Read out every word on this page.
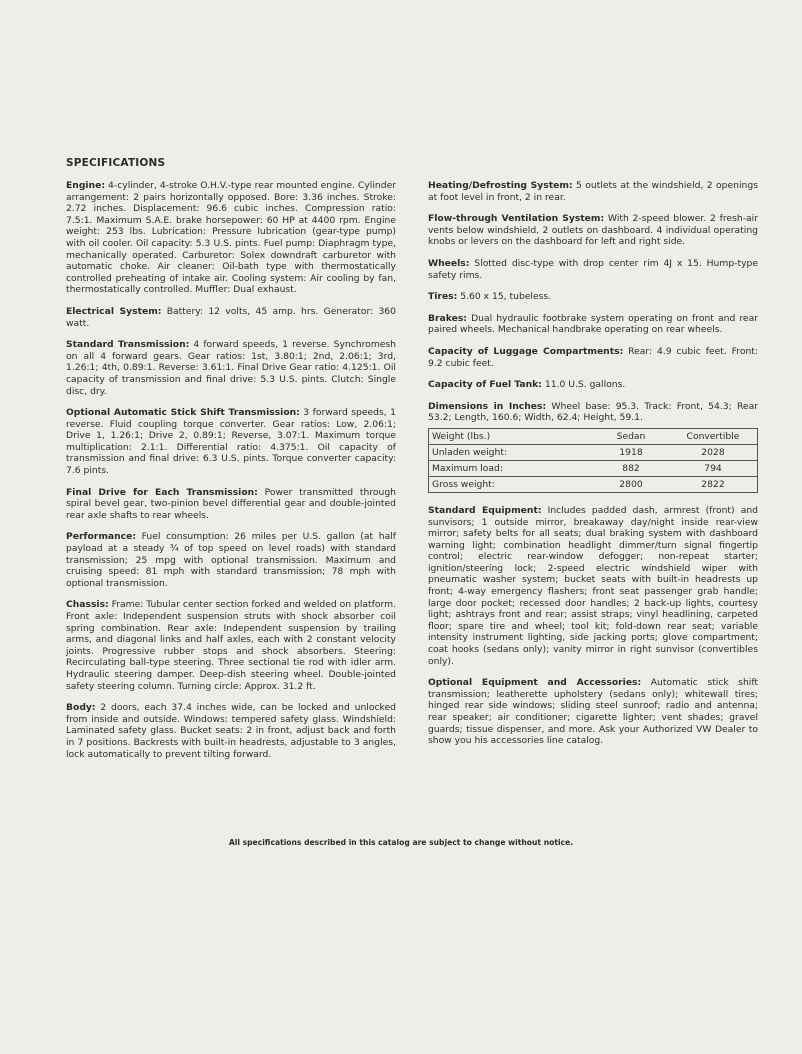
SPECIFICATIONS

Engine: 4-cylinder, 4-stroke O.H.V.-type rear mounted engine. Cylinder arrangement: 2 pairs horizontally opposed. Bore: 3.36 inches. Stroke: 2.72 inches. Displacement: 96.6 cubic inches. Compression ratio: 7.5:1. Maximum S.A.E. brake horsepower: 60 HP at 4400 rpm. Engine weight: 253 lbs. Lubrication: Pressure lubrication (gear-type pump) with oil cooler. Oil capacity: 5.3 U.S. pints. Fuel pump: Diaphragm type, mechanically operated. Carburetor: Solex downdraft carburetor with automatic choke. Air cleaner: Oil-bath type with thermostatically controlled preheating of intake air. Cooling system: Air cooling by fan, thermostatically controlled. Muffler: Dual exhaust.

Electrical System: Battery: 12 volts, 45 amp. hrs. Generator: 360 watt.

Standard Transmission: 4 forward speeds, 1 reverse. Synchromesh on all 4 forward gears. Gear ratios: 1st, 3.80:1; 2nd, 2.06:1; 3rd, 1.26:1; 4th, 0.89:1. Reverse: 3.61:1. Final Drive Gear ratio: 4.125:1. Oil capacity of transmission and final drive: 5.3 U.S. pints. Clutch: Single disc, dry.

Optional Automatic Stick Shift Transmission: 3 forward speeds, 1 reverse. Fluid coupling torque converter. Gear ratios: Low, 2.06:1; Drive 1, 1.26:1; Drive 2, 0.89:1; Reverse, 3.07:1. Maximum torque multiplication: 2.1:1. Differential ratio: 4.375:1. Oil capacity of transmission and final drive: 6.3 U.S. pints. Torque converter capacity: 7.6 pints.

Final Drive for Each Transmission: Power transmitted through spiral bevel gear, two-pinion bevel differential gear and double-jointed rear axle shafts to rear wheels.

Performance: Fuel consumption: 26 miles per U.S. gallon (at half payload at a steady ¾ of top speed on level roads) with standard transmission; 25 mpg with optional transmission. Maximum and cruising speed: 81 mph with standard transmission; 78 mph with optional transmission.

Chassis: Frame: Tubular center section forked and welded on platform. Front axle: Independent suspension struts with shock absorber coil spring combination. Rear axle: Independent suspension by trailing arms, and diagonal links and half axles, each with 2 constant velocity joints. Progressive rubber stops and shock absorbers. Steering: Recirculating ball-type steering. Three sectional tie rod with idler arm. Hydraulic steering damper. Deep-dish steering wheel. Double-jointed safety steering column. Turning circle: Approx. 31.2 ft.

Body: 2 doors, each 37.4 inches wide, can be locked and unlocked from inside and outside. Windows: tempered safety glass. Windshield: Laminated safety glass. Bucket seats: 2 in front, adjust back and forth in 7 positions. Backrests with built-in headrests, adjustable to 3 angles, lock automatically to prevent tilting forward.

Heating/Defrosting System: 5 outlets at the windshield, 2 openings at foot level in front, 2 in rear.

Flow-through Ventilation System: With 2-speed blower. 2 fresh-air vents below windshield, 2 outlets on dashboard. 4 individual operating knobs or levers on the dashboard for left and right side.

Wheels: Slotted disc-type with drop center rim 4J x 15. Hump-type safety rims.

Tires: 5.60 x 15, tubeless.

Brakes: Dual hydraulic footbrake system operating on front and rear paired wheels. Mechanical handbrake operating on rear wheels.

Capacity of Luggage Compartments: Rear: 4.9 cubic feet. Front: 9.2 cubic feet.

Capacity of Fuel Tank: 11.0 U.S. gallons.

Dimensions in Inches: Wheel base: 95.3. Track: Front, 54.3; Rear 53.2; Length, 160.6; Width, 62.4; Height, 59.1.

Weight (lbs.)	Sedan	Convertible
Unladen weight:	1918	2028
Maximum load:	882	794
Gross weight:	2800	2822

Standard Equipment: Includes padded dash, armrest (front) and sunvisors; 1 outside mirror, breakaway day/night inside rear-view mirror; safety belts for all seats; dual braking system with dashboard warning light; combination headlight dimmer/turn signal fingertip control; electric rear-window defogger; non-repeat starter; ignition/steering lock; 2-speed electric windshield wiper with pneumatic washer system; bucket seats with built-in headrests up front; 4-way emergency flashers; front seat passenger grab handle; large door pocket; recessed door handles; 2 back-up lights, courtesy light; ashtrays front and rear; assist straps; vinyl headlining, carpeted floor; spare tire and wheel; tool kit; fold-down rear seat; variable intensity instrument lighting, side jacking ports; glove compartment; coat hooks (sedans only); vanity mirror in right sunvisor (convertibles only).

Optional Equipment and Accessories: Automatic stick shift transmission; leatherette upholstery (sedans only); whitewall tires; hinged rear side windows; sliding steel sunroof; radio and antenna; rear speaker; air conditioner; cigarette lighter; vent shades; gravel guards; tissue dispenser, and more. Ask your Authorized VW Dealer to show you his accessories line catalog.

All specifications described in this catalog are subject to change without notice.
